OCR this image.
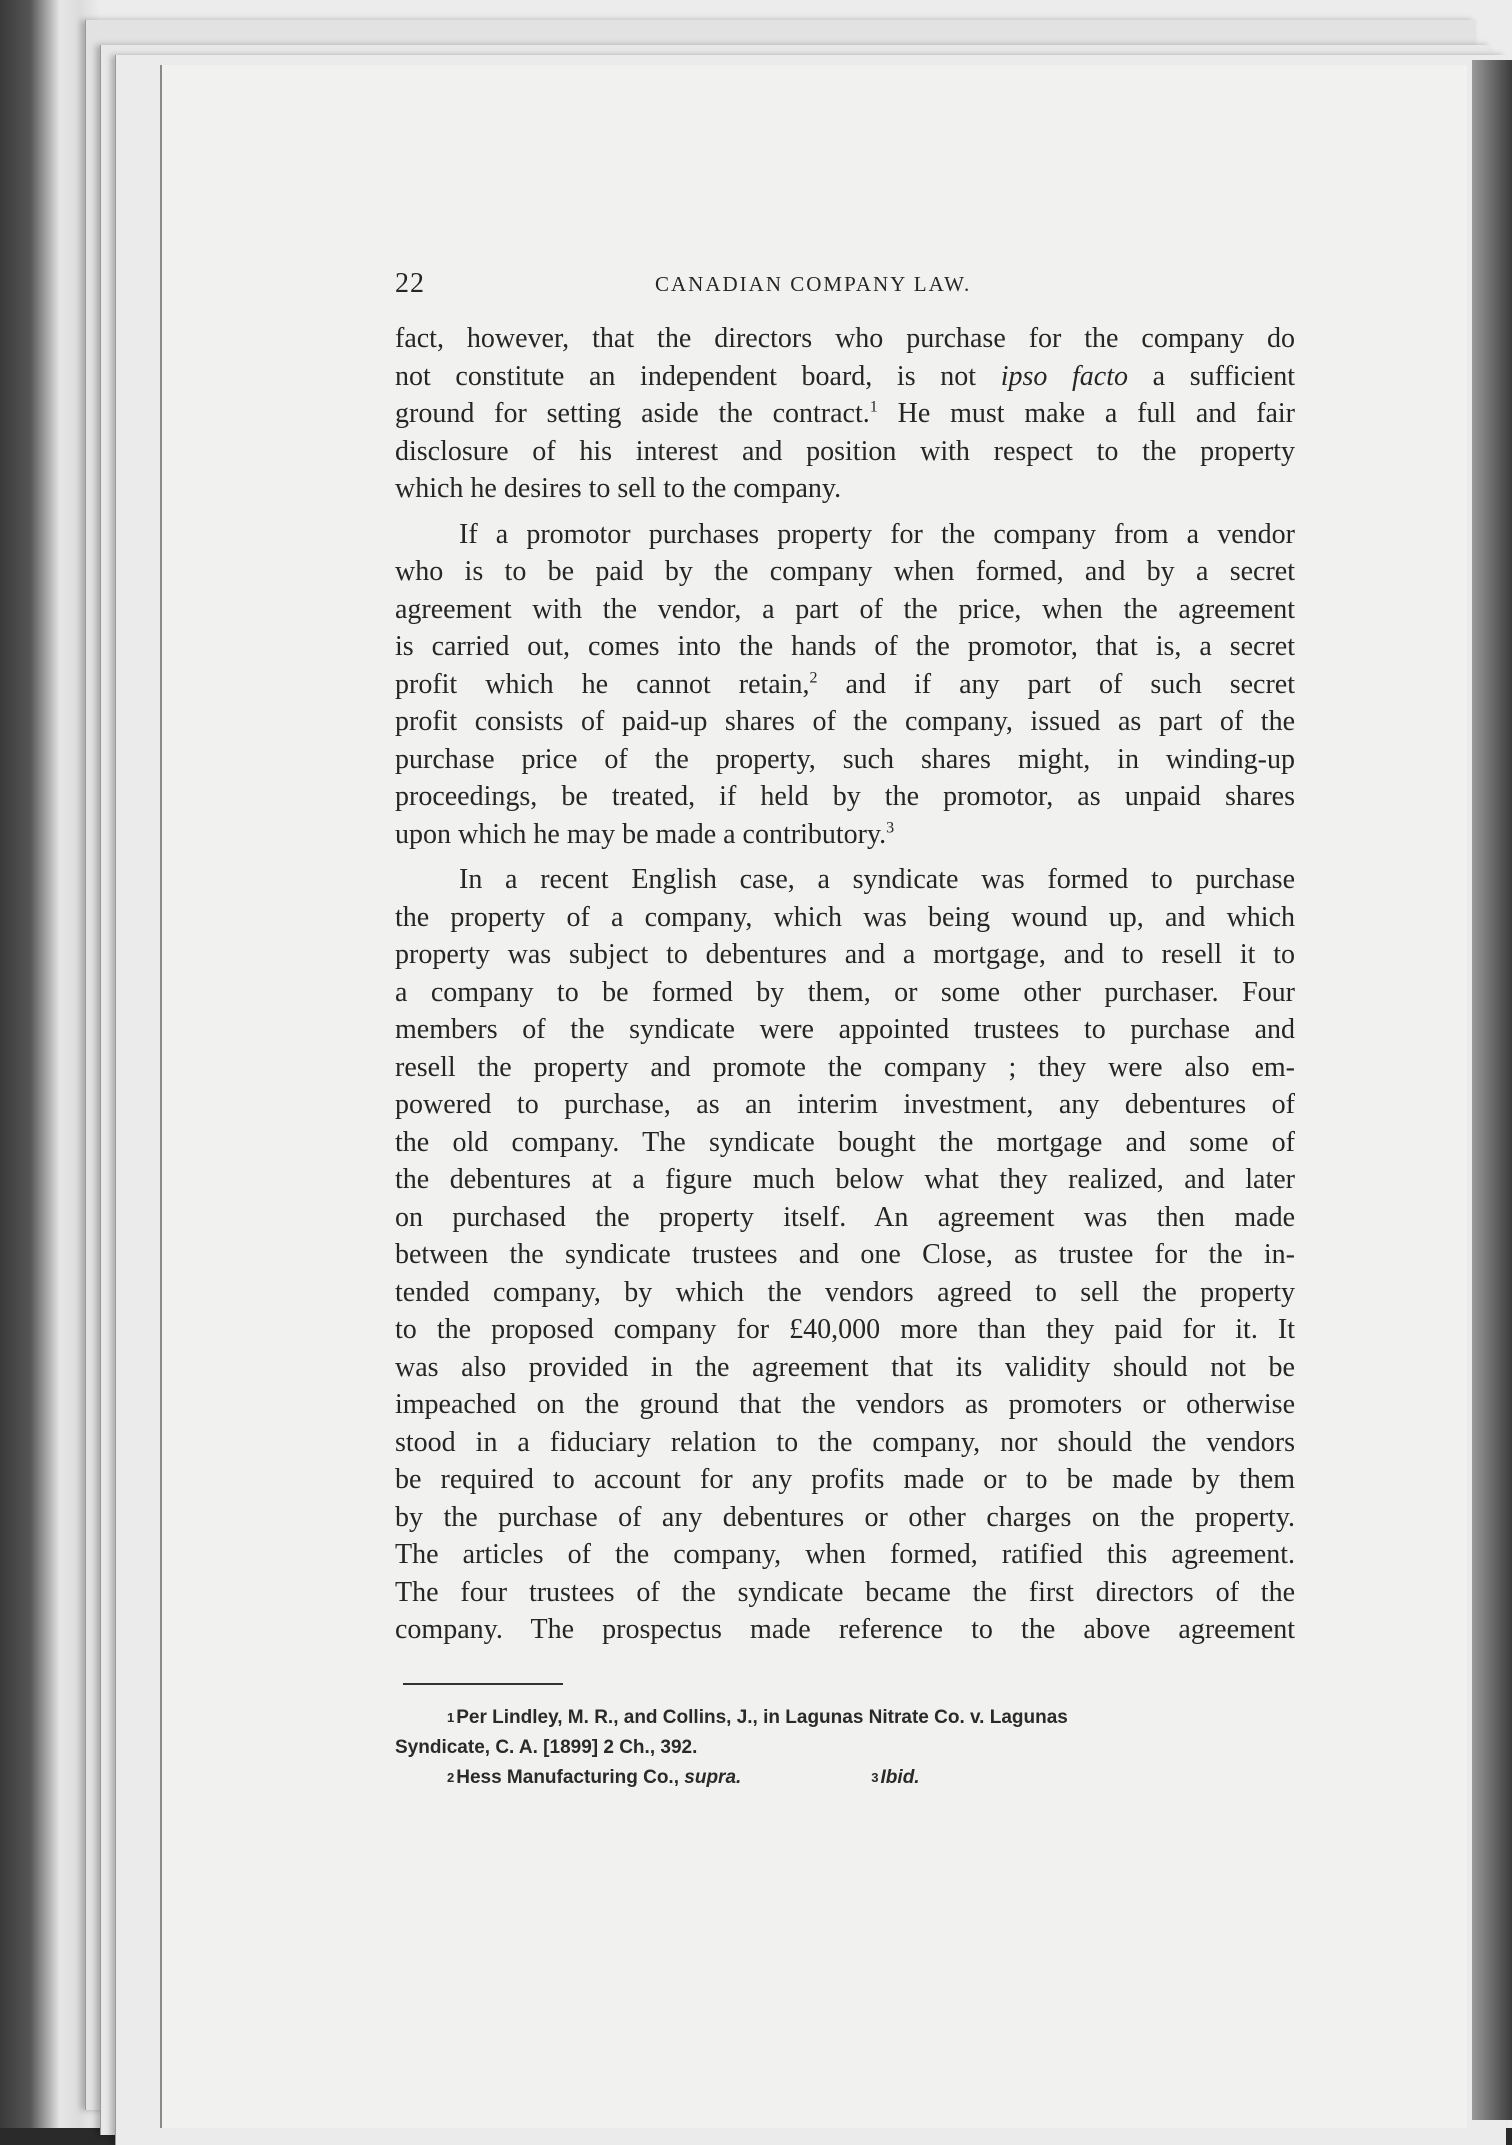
22	CANADIAN COMPANY LAW.
fact, however, that the directors who purchase for the company do
not constitute an independent board, is not ipso facto a sufficient
ground for setting aside the contract.$^1$ He must make a full and fair
disclosure of his interest and position with respect to the property
which he desires to sell to the company.
If a promotor purchases property for the company from a vendor
who is to be paid by the company when formed, and by a secret
agreement with the vendor, a part of the price, when the agreement
is carried out, comes into the hands of the promotor, that is, a secret
profit which he cannot retain,$^2$ and if any part of such secret
profit consists of paid-up shares of the company, issued as part of the
purchase price of the property, such shares might, in winding-up
proceedings, be treated, if held by the promotor, as unpaid shares
upon which he may be made a contributory.$^3$
In a recent English case, a syndicate was formed to purchase
the property of a company, which was being wound up, and which
property was subject to debentures and a mortgage, and to resell it to
a company to be formed by them, or some other purchaser. Four
members of the syndicate were appointed trustees to purchase and
resell the property and promote the company ; they were also em-
powered to purchase, as an interim investment, any debentures of
the old company. The syndicate bought the mortgage and some of
the debentures at a figure much below what they realized, and later
on purchased the property itself. An agreement was then made
between the syndicate trustees and one Close, as trustee for the in-
tended company, by which the vendors agreed to sell the property
to the proposed company for £40,000 more than they paid for it. It
was also provided in the agreement that its validity should not be
impeached on the ground that the vendors as promoters or otherwise
stood in a fiduciary relation to the company, nor should the vendors
be required to account for any profits made or to be made by them
by the purchase of any debentures or other charges on the property.
The articles of the company, when formed, ratified this agreement.
The four trustees of the syndicate became the first directors of the
company. The prospectus made reference to the above agreement
$^1$ Per Lindley, M. R., and Collins, J., in Lagunas Nitrate Co. v. Lagunas
Syndicate, C. A. [1899] 2 Ch., 392.
$^2$ Hess Manufacturing Co., supra.	$^3$ Ibid.
